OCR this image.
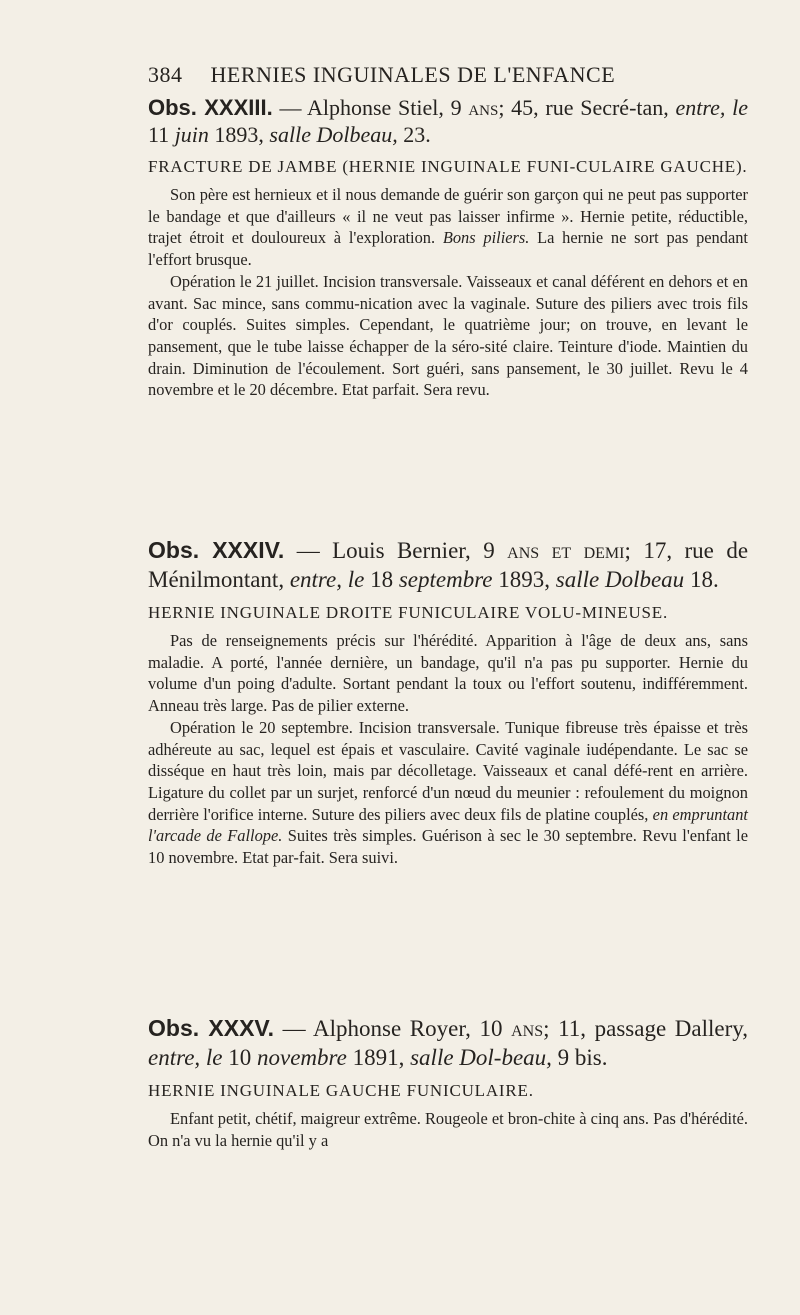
384 HERNIES INGUINALES DE L'ENFANCE
Obs. XXXIII. — Alphonse Stiel, 9 ans; 45, rue Secré-tan, entre, le 11 juin 1893, salle Dolbeau, 23.
FRACTURE DE JAMBE (HERNIE INGUINALE FUNI-CULAIRE GAUCHE).

Son père est hernieux et il nous demande de guérir son garçon qui ne peut pas supporter le bandage et que d'ailleurs « il ne veut pas laisser infirme ». Hernie petite, réductible, trajet étroit et douloureux à l'exploration. Bons piliers. La hernie ne sort pas pendant l'effort brusque.

Opération le 21 juillet. Incision transversale. Vaisseaux et canal déférent en dehors et en avant. Sac mince, sans commu-nication avec la vaginale. Suture des piliers avec trois fils d'or couplés. Suites simples. Cependant, le quatrième jour; on trouve, en levant le pansement, que le tube laisse échapper de la séro-sité claire. Teinture d'iode. Maintien du drain. Diminution de l'écoulement. Sort guéri, sans pansement, le 30 juillet. Revu le 4 novembre et le 20 décembre. Etat parfait. Sera revu.

Obs. XXXIV. — Louis Bernier, 9 ans et demi; 17, rue de Ménilmontant, entre, le 18 septembre 1893, salle Dolbeau 18.
HERNIE INGUINALE DROITE FUNICULAIRE VOLU-MINEUSE.

Pas de renseignements précis sur l'hérédité. Apparition à l'âge de deux ans, sans maladie. A porté, l'année dernière, un bandage, qu'il n'a pas pu supporter. Hernie du volume d'un poing d'adulte. Sortant pendant la toux ou l'effort soutenu, indifféremment. Anneau très large. Pas de pilier externe.

Opération le 20 septembre. Incision transversale. Tunique fibreuse très épaisse et très adhéreute au sac, lequel est épais et vasculaire. Cavité vaginale iudépendante. Le sac se disséque en haut très loin, mais par décolletage. Vaisseaux et canal défé-rent en arrière. Ligature du collet par un surjet, renforcé d'un nœud du meunier : refoulement du moignon derrière l'orifice interne. Suture des piliers avec deux fils de platine couplés, en empruntant l'arcade de Fallope. Suites très simples. Guérison à sec le 30 septembre. Revu l'enfant le 10 novembre. Etat par-fait. Sera suivi.

Obs. XXXV. — Alphonse Royer, 10 ans; 11, passage Dallery, entre, le 10 novembre 1891, salle Dol-beau, 9 bis.
HERNIE INGUINALE GAUCHE FUNICULAIRE.

Enfant petit, chétif, maigreur extrême. Rougeole et bron-chite à cinq ans. Pas d'hérédité. On n'a vu la hernie qu'il y a
